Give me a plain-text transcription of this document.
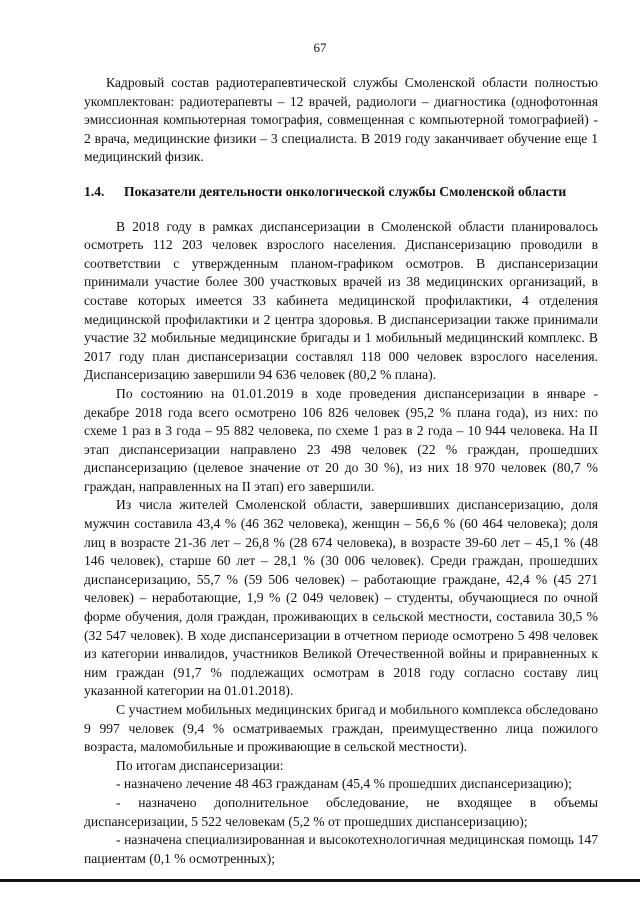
67

Кадровый состав радиотерапевтической службы Смоленской области полностью укомплектован: радиотерапевты – 12 врачей, радиологи – диагностика (однофотонная эмиссионная компьютерная томография, совмещенная с компьютерной томографией) - 2 врача, медицинские физики – 3 специалиста. В 2019 году заканчивает обучение еще 1 медицинский физик.

1.4. Показатели деятельности онкологической службы Смоленской области

В 2018 году в рамках диспансеризации в Смоленской области планировалось осмотреть 112 203 человек взрослого населения. Диспансеризацию проводили в соответствии с утвержденным планом-графиком осмотров. В диспансеризации принимали участие более 300 участковых врачей из 38 медицинских организаций, в составе которых имеется 33 кабинета медицинской профилактики, 4 отделения медицинской профилактики и 2 центра здоровья. В диспансеризации также принимали участие 32 мобильные медицинские бригады и 1 мобильный медицинский комплекс. В 2017 году план диспансеризации составлял 118 000 человек взрослого населения. Диспансеризацию завершили 94 636 человек (80,2 % плана).

По состоянию на 01.01.2019 в ходе проведения диспансеризации в январе - декабре 2018 года всего осмотрено 106 826 человек (95,2 % плана года), из них: по схеме 1 раз в 3 года – 95 882 человека, по схеме 1 раз в 2 года – 10 944 человека. На II этап диспансеризации направлено 23 498 человек (22 % граждан, прошедших диспансеризацию (целевое значение от 20 до 30 %), из них 18 970 человек (80,7 % граждан, направленных на II этап) его завершили.

Из числа жителей Смоленской области, завершивших диспансеризацию, доля мужчин составила 43,4 % (46 362 человека), женщин – 56,6 % (60 464 человека); доля лиц в возрасте 21-36 лет – 26,8 % (28 674 человека), в возрасте 39-60 лет – 45,1 % (48 146 человек), старше 60 лет – 28,1 % (30 006 человек). Среди граждан, прошедших диспансеризацию, 55,7 % (59 506 человек) – работающие граждане, 42,4 % (45 271 человек) – неработающие, 1,9 % (2 049 человек) – студенты, обучающиеся по очной форме обучения, доля граждан, проживающих в сельской местности, составила 30,5 % (32 547 человек). В ходе диспансеризации в отчетном периоде осмотрено 5 498 человек из категории инвалидов, участников Великой Отечественной войны и приравненных к ним граждан (91,7 % подлежащих осмотрам в 2018 году согласно составу лиц указанной категории на 01.01.2018).

С участием мобильных медицинских бригад и мобильного комплекса обследовано 9 997 человек (9,4 % осматриваемых граждан, преимущественно лица пожилого возраста, маломобильные и проживающие в сельской местности).

По итогам диспансеризации:

- назначено лечение 48 463 гражданам (45,4 % прошедших диспансеризацию);

- назначено дополнительное обследование, не входящее в объемы диспансеризации, 5 522 человекам (5,2 % от прошедших диспансеризацию);

- назначена специализированная и высокотехнологичная медицинская помощь 147 пациентам (0,1 % осмотренных);
